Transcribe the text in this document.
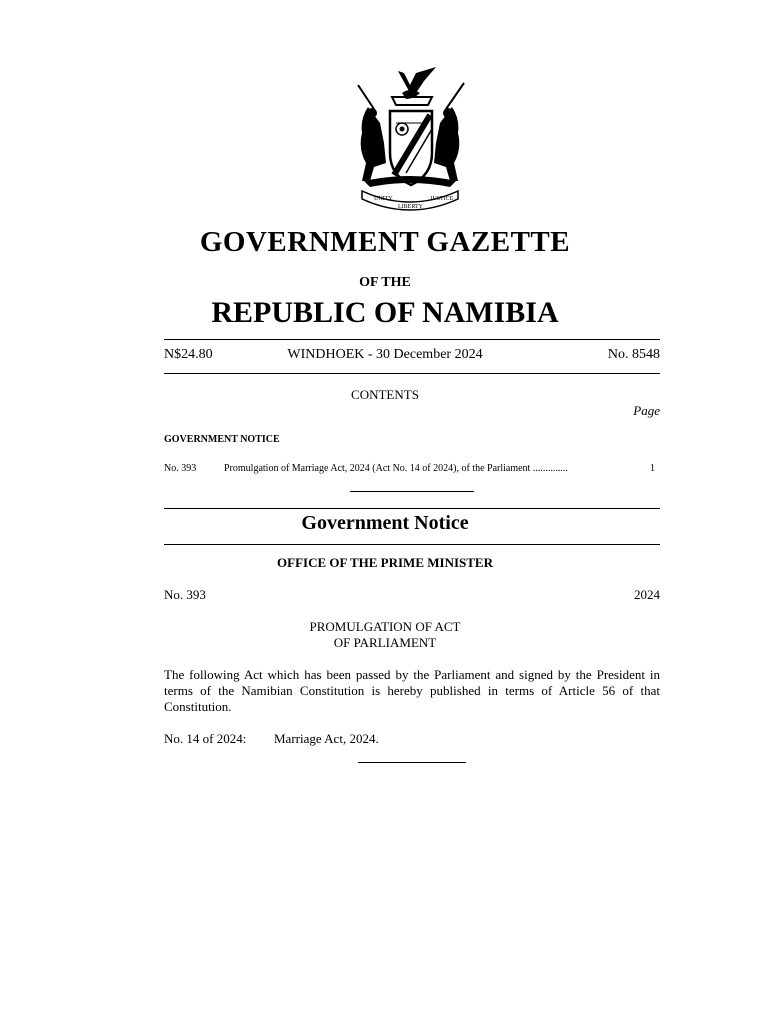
UNITY
LIBERTY
JUSTICE
GOVERNMENT GAZETTE
OF THE
REPUBLIC OF NAMIBIA
N$24.80	WINDHOEK - 30 December 2024	No. 8548
CONTENTS
Page
GOVERNMENT NOTICE
No. 393	Promulgation of Marriage Act, 2024 (Act No. 14 of 2024), of the Parliament ..............	1
Government Notice
OFFICE OF THE PRIME MINISTER
No. 393	2024
PROMULGATION OF ACT
OF PARLIAMENT
The following Act which has been passed by the Parliament and signed by the President in terms of the Namibian Constitution is hereby published in terms of Article 56 of that Constitution.
No. 14 of 2024: Marriage Act, 2024.
